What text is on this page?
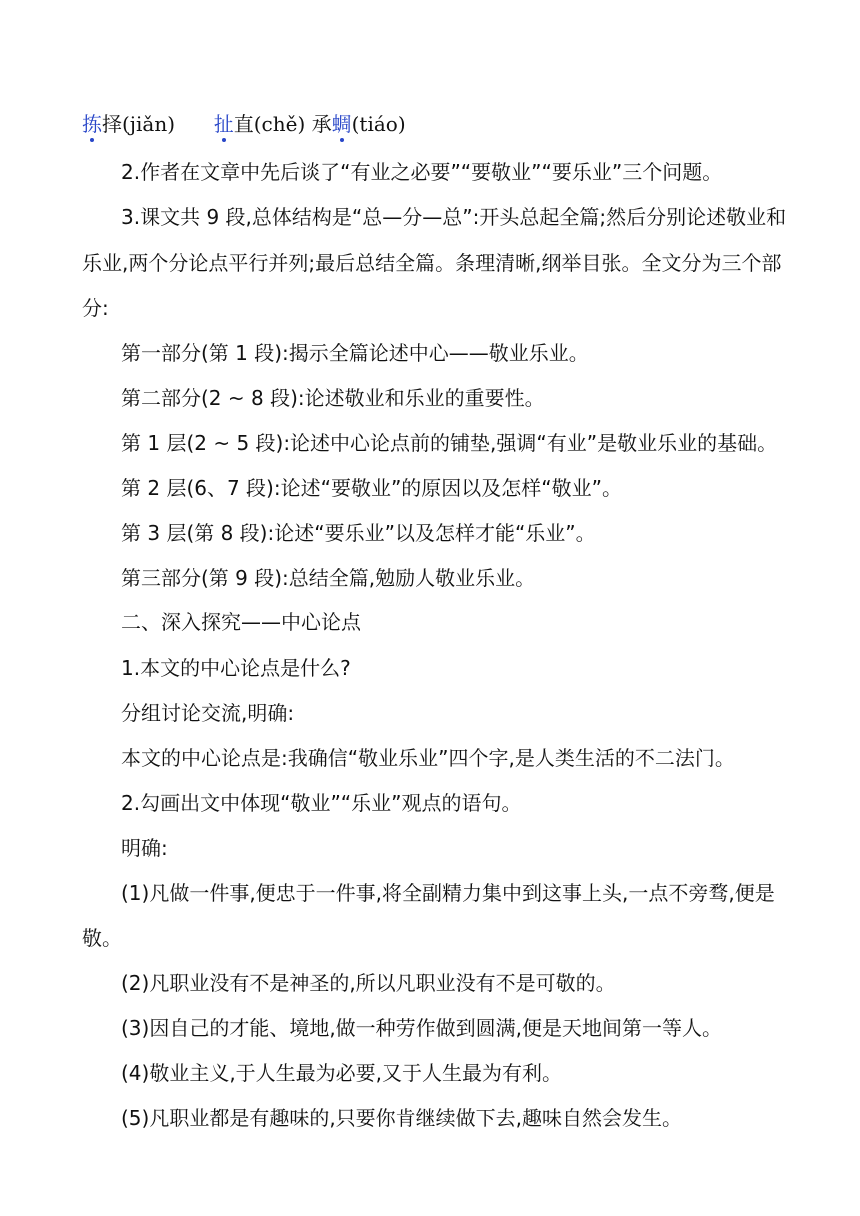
拣择(jiǎn) 扯直(chě) 承蜩(tiáo)
2.作者在文章中先后谈了“有业之必要”“要敬业”“要乐业”三个问题。
3.课文共 9 段,总体结构是“总—分—总”:开头总起全篇;然后分别论述敬业和
乐业,两个分论点平行并列;最后总结全篇。条理清晰,纲举目张。全文分为三个部
分:
第一部分(第 1 段):揭示全篇论述中心——敬业乐业。
第二部分(2 ~ 8 段):论述敬业和乐业的重要性。
第 1 层(2 ~ 5 段):论述中心论点前的铺垫,强调“有业”是敬业乐业的基础。
第 2 层(6、7 段):论述“要敬业”的原因以及怎样“敬业”。
第 3 层(第 8 段):论述“要乐业”以及怎样才能“乐业”。
第三部分(第 9 段):总结全篇,勉励人敬业乐业。
二、深入探究——中心论点
1.本文的中心论点是什么?
分组讨论交流,明确:
本文的中心论点是:我确信“敬业乐业”四个字,是人类生活的不二法门。
2.勾画出文中体现“敬业”“乐业”观点的语句。
明确:
(1)凡做一件事,便忠于一件事,将全副精力集中到这事上头,一点不旁骛,便是
敬。
(2)凡职业没有不是神圣的,所以凡职业没有不是可敬的。
(3)因自己的才能、境地,做一种劳作做到圆满,便是天地间第一等人。
(4)敬业主义,于人生最为必要,又于人生最为有利。
(5)凡职业都是有趣味的,只要你肯继续做下去,趣味自然会发生。
